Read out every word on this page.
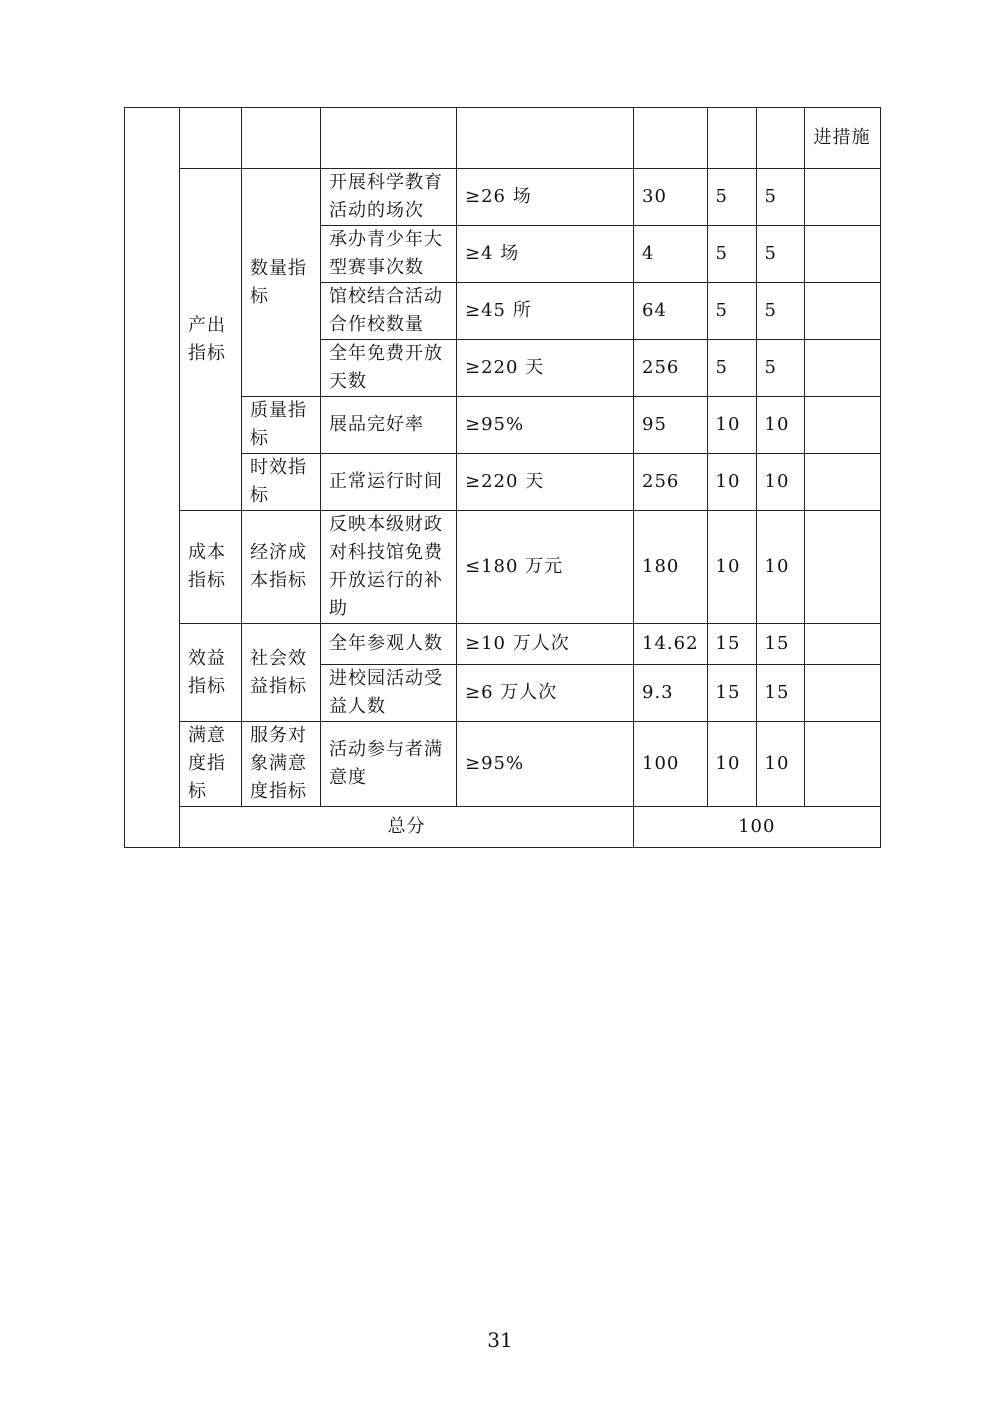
								进措施
	产出指标	数量指标	开展科学教育活动的场次	≥26 场	30	5	5	
			承办青少年大型赛事次数	≥4 场	4	5	5	
			馆校结合活动合作校数量	≥45 所	64	5	5	
			全年免费开放天数	≥220 天	256	5	5	
		质量指标	展品完好率	≥95%	95	10	10	
		时效指标	正常运行时间	≥220 天	256	10	10	
	成本指标	经济成本指标	反映本级财政对科技馆免费开放运行的补助	≤180 万元	180	10	10	
	效益指标	社会效益指标	全年参观人数	≥10 万人次	14.62	15	15	
			进校园活动受益人数	≥6 万人次	9.3	15	15	
	满意度指标	服务对象满意度指标	活动参与者满意度	≥95%	100	10	10	
	总分				100			
31
